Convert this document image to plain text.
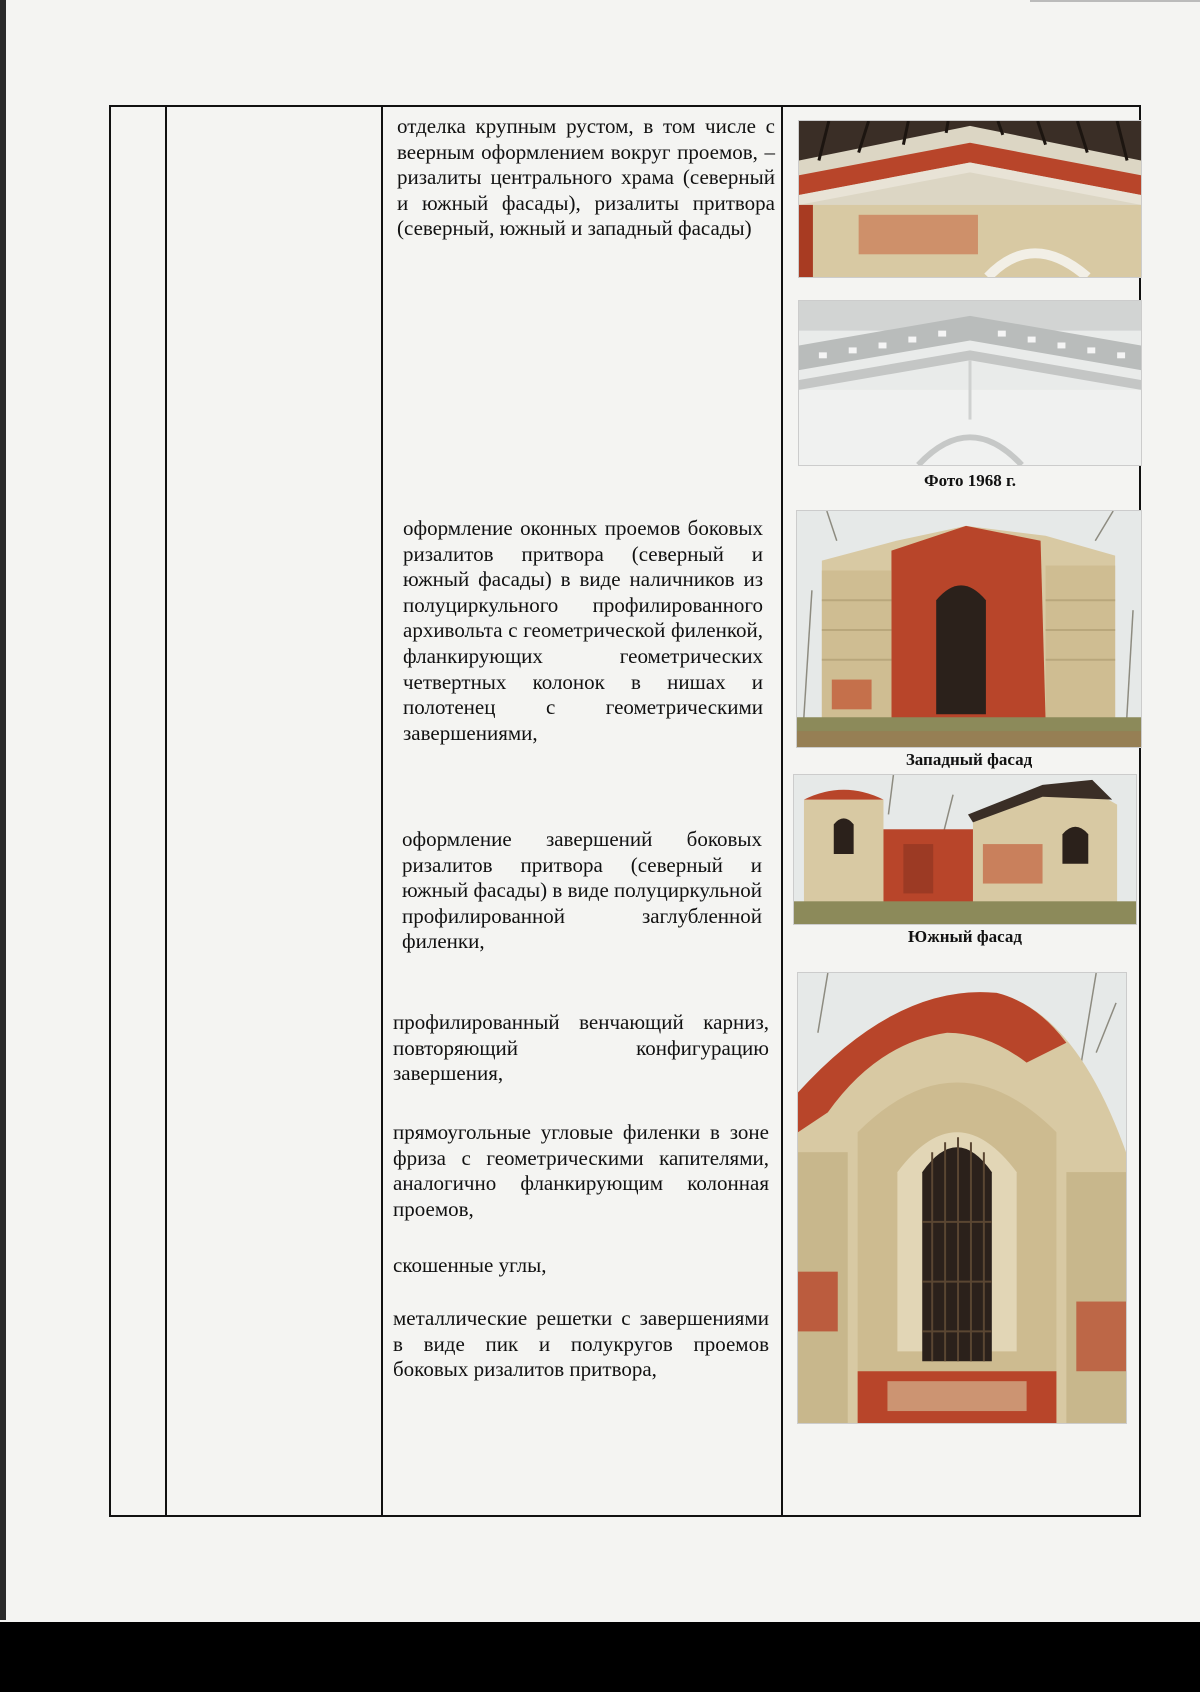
отделка крупным рустом, в том числе с веерным оформлением вокруг проемов, – ризалиты центрального храма (северный и южный фасады), ризалиты притвора (северный, южный и западный фасады)

оформление оконных проемов боковых ризалитов притвора (северный и южный фасады) в виде наличников из полуциркульного профилированного архивольта с геометрической филенкой, фланкирующих геометрических четвертных колонок в нишах и полотенец с геометрическими завершениями,

оформление завершений боковых ризалитов притвора (северный и южный фасады) в виде полуциркульной профилированной заглубленной филенки,

профилированный венчающий карниз, повторяющий конфигурацию завершения,

прямоугольные угловые филенки в зоне фриза с геометрическими капителями, аналогично фланкирующим колонная проемов,

скошенные углы,

металлические решетки с завершениями в виде пик и полукругов проемов боковых ризалитов притвора,

Фото 1968 г.
Западный фасад
Южный фасад
